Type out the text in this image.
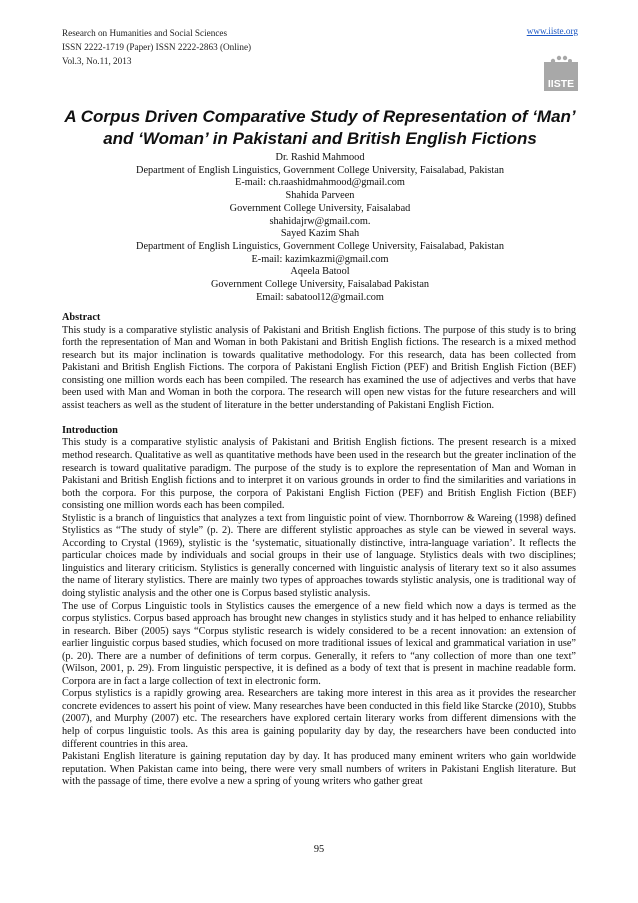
Research on Humanities and Social Sciences
ISSN 2222-1719 (Paper) ISSN 2222-2863 (Online)
Vol.3, No.11, 2013
www.iiste.org
IISTE
A Corpus Driven Comparative Study of Representation of ‘Man’
and ‘Woman’ in Pakistani and British English Fictions
Dr. Rashid Mahmood
Department of English Linguistics, Government College University, Faisalabad, Pakistan
E-mail: ch.raashidmahmood@gmail.com
Shahida Parveen
Government College University, Faisalabad
shahidajrw@gmail.com.
Sayed Kazim Shah
Department of English Linguistics, Government College University, Faisalabad, Pakistan
E-mail: kazimkazmi@gmail.com
Aqeela Batool
Government College University, Faisalabad Pakistan
Email: sabatool12@gmail.com

Abstract

This study is a comparative stylistic analysis of Pakistani and British English fictions. The purpose of this study is to bring forth the representation of Man and Woman in both Pakistani and British English fictions. The research is a mixed method research but its major inclination is towards qualitative methodology. For this research, data has been collected from Pakistani and British English Fictions. The corpora of Pakistani English Fiction (PEF) and British English Fiction (BEF) consisting one million words each has been compiled. The research has examined the use of adjectives and verbs that have been used with Man and Woman in both the corpora. The research will open new vistas for the future researchers and will assist teachers as well as the student of literature in the better understanding of Pakistani English Fiction.

Introduction

This study is a comparative stylistic analysis of Pakistani and British English fictions. The present research is a mixed method research. Qualitative as well as quantitative methods have been used in the research but the greater inclination of the research is toward qualitative paradigm. The purpose of the study is to explore the representation of Man and Woman in Pakistani and British English fictions and to interpret it on various grounds in order to find the similarities and variations in both the corpora. For this purpose, the corpora of Pakistani English Fiction (PEF) and British English Fiction (BEF) consisting one million words each has been compiled.

Stylistic is a branch of linguistics that analyzes a text from linguistic point of view. Thornborrow & Wareing (1998) defined Stylistics as “The study of style” (p. 2). There are different stylistic approaches as style can be viewed in several ways. According to Crystal (1969), stylistic is the ‘systematic, situationally distinctive, intra-language variation’. It reflects the particular choices made by individuals and social groups in their use of language. Stylistics deals with two disciplines; linguistics and literary criticism. Stylistics is generally concerned with linguistic analysis of literary text so it also assumes the name of literary stylistics. There are mainly two types of approaches towards stylistic analysis, one is traditional way of doing stylistic analysis and the other one is Corpus based stylistic analysis.

The use of Corpus Linguistic tools in Stylistics causes the emergence of a new field which now a days is termed as the corpus stylistics. Corpus based approach has brought new changes in stylistics study and it has helped to enhance reliability in research. Biber (2005) says “Corpus stylistic research is widely considered to be a recent innovation: an extension of earlier linguistic corpus based studies, which focused on more traditional issues of lexical and grammatical variation in use” (p. 20). There are a number of definitions of term corpus. Generally, it refers to “any collection of more than one text” (Wilson, 2001, p. 29). From linguistic perspective, it is defined as a body of text that is present in machine readable form. Corpora are in fact a large collection of text in electronic form.

Corpus stylistics is a rapidly growing area. Researchers are taking more interest in this area as it provides the researcher concrete evidences to assert his point of view. Many researches have been conducted in this field like Starcke (2010), Stubbs (2007), and Murphy (2007) etc. The researchers have explored certain literary works from different dimensions with the help of corpus linguistic tools. As this area is gaining popularity day by day, the researchers have been conducted into different countries in this area.

Pakistani English literature is gaining reputation day by day. It has produced many eminent writers who gain worldwide reputation. When Pakistan came into being, there were very small numbers of writers in Pakistani English literature. But with the passage of time, there evolve a new a spring of young writers who gather great

95
